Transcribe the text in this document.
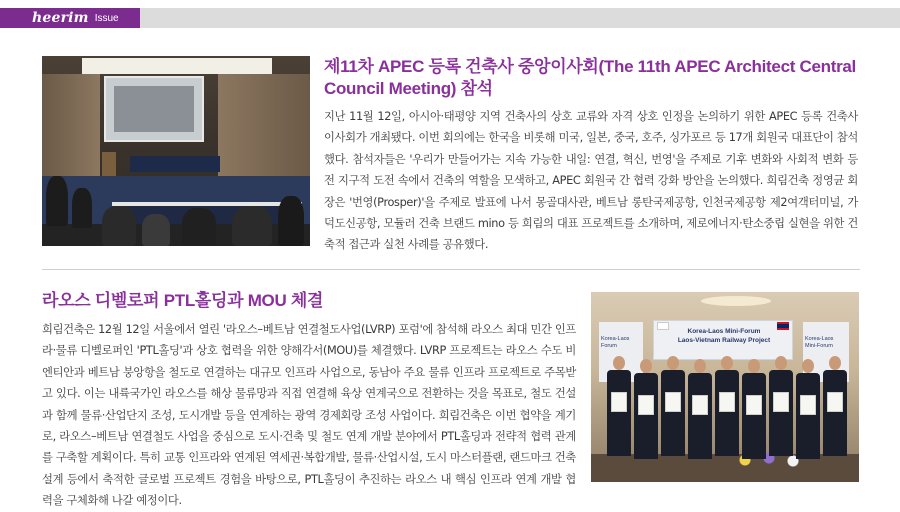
heerim Issue
제11차 APEC 등록 건축사 중앙이사회(The 11th APEC Architect Central Council Meeting) 참석

지난 11월 12일, 아시아·태평양 지역 건축사의 상호 교류와 자격 상호 인정을 논의하기 위한 APEC 등록 건축사 이사회가 개최됐다. 이번 회의에는 한국을 비롯해 미국, 일본, 중국, 호주, 싱가포르 등 17개 회원국 대표단이 참석했다. 참석자들은 '우리가 만들어가는 지속 가능한 내일: 연결, 혁신, 번영'을 주제로 기후 변화와 사회적 변화 등 전 지구적 도전 속에서 건축의 역할을 모색하고, APEC 회원국 간 협력 강화 방안을 논의했다. 희림건축 정영균 회장은 '번영(Prosper)'을 주제로 발표에 나서 몽골대사관, 베트남 롱탄국제공항, 인천국제공항 제2여객터미널, 가덕도신공항, 모듈러 건축 브랜드 mino 등 희림의 대표 프로젝트를 소개하며, 제로에너지·탄소중립 실현을 위한 건축적 접근과 실천 사례를 공유했다.

라오스 디벨로퍼 PTL홀딩과 MOU 체결

희림건축은 12월 12일 서울에서 열린 '라오스–베트남 연결철도사업(LVRP) 포럼'에 참석해 라오스 최대 민간 인프라·물류 디벨로퍼인 'PTL홀딩'과 상호 협력을 위한 양해각서(MOU)를 체결했다. LVRP 프로젝트는 라오스 수도 비엔티안과 베트남 붕앙항을 철도로 연결하는 대규모 인프라 사업으로, 동남아 주요 물류 인프라 프로젝트로 주목받고 있다. 이는 내륙국가인 라오스를 해상 물류망과 직접 연결해 육상 연계국으로 전환하는 것을 목표로, 철도 건설과 함께 물류·산업단지 조성, 도시개발 등을 연계하는 광역 경제회랑 조성 사업이다. 희림건축은 이번 협약을 계기로, 라오스–베트남 연결철도 사업을 중심으로 도시·건축 및 철도 연계 개발 분야에서 PTL홀딩과 전략적 협력 관계를 구축할 계획이다. 특히 교통 인프라와 연계된 역세권·복합개발, 물류·산업시설, 도시 마스터플랜, 랜드마크 건축 설계 등에서 축적한 글로벌 프로젝트 경험을 바탕으로, PTL홀딩이 추진하는 라오스 내 핵심 인프라 연계 개발 협력을 구체화해 나갈 예정이다.

Korea-Laos
Forum
Korea-Laos
Mini-Forum
Korea-Laos Mini-Forum
Laos-Vietnam Railway Project
